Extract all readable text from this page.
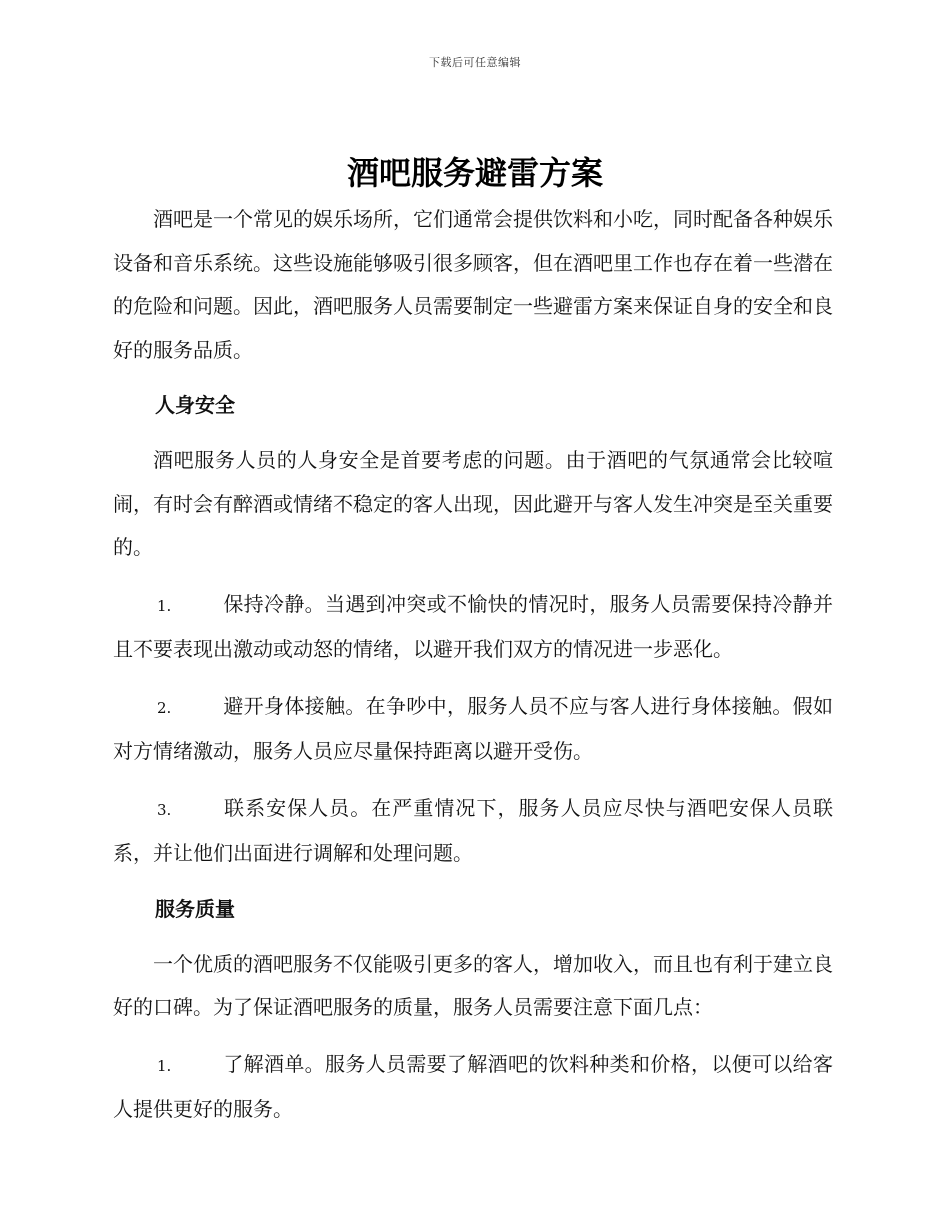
下载后可任意编辑
酒吧服务避雷方案

酒吧是一个常见的娱乐场所，它们通常会提供饮料和小吃，同时配备各种娱乐设备和音乐系统。这些设施能够吸引很多顾客，但在酒吧里工作也存在着一些潜在的危险和问题。因此，酒吧服务人员需要制定一些避雷方案来保证自身的安全和良好的服务品质。

人身安全

酒吧服务人员的人身安全是首要考虑的问题。由于酒吧的气氛通常会比较喧闹，有时会有醉酒或情绪不稳定的客人出现，因此避开与客人发生冲突是至关重要的。

1.	保持冷静。当遇到冲突或不愉快的情况时，服务人员需要保持冷静并且不要表现出激动或动怒的情绪，以避开我们双方的情况进一步恶化。

2.	避开身体接触。在争吵中，服务人员不应与客人进行身体接触。假如对方情绪激动，服务人员应尽量保持距离以避开受伤。

3.	联系安保人员。在严重情况下，服务人员应尽快与酒吧安保人员联系，并让他们出面进行调解和处理问题。

服务质量

一个优质的酒吧服务不仅能吸引更多的客人，增加收入，而且也有利于建立良好的口碑。为了保证酒吧服务的质量，服务人员需要注意下面几点：

1.	了解酒单。服务人员需要了解酒吧的饮料种类和价格，以便可以给客人提供更好的服务。
